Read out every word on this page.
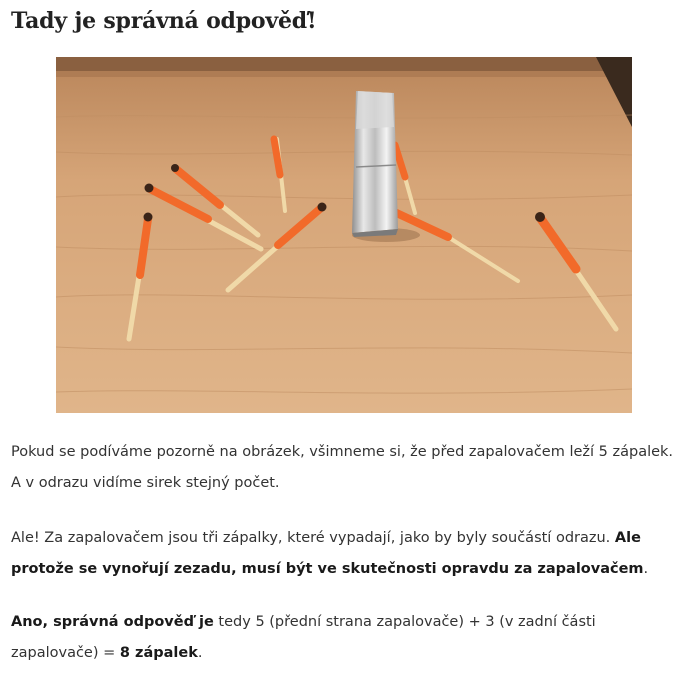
Tady je správná odpověď!

Pokud se podíváme pozorně na obrázek, všimneme si, že před zapalovačem leží 5 zápalek. A v odrazu vidíme sirek stejný počet.

Ale! Za zapalovačem jsou tři zápalky, které vypadají, jako by byly součástí odrazu. Ale protože se vynořují zezadu, musí být ve skutečnosti opravdu za zapalovačem.

Ano, správná odpověď je tedy 5 (přední strana zapalovače) + 3 (v zadní části zapalovače) = 8 zápalek.
